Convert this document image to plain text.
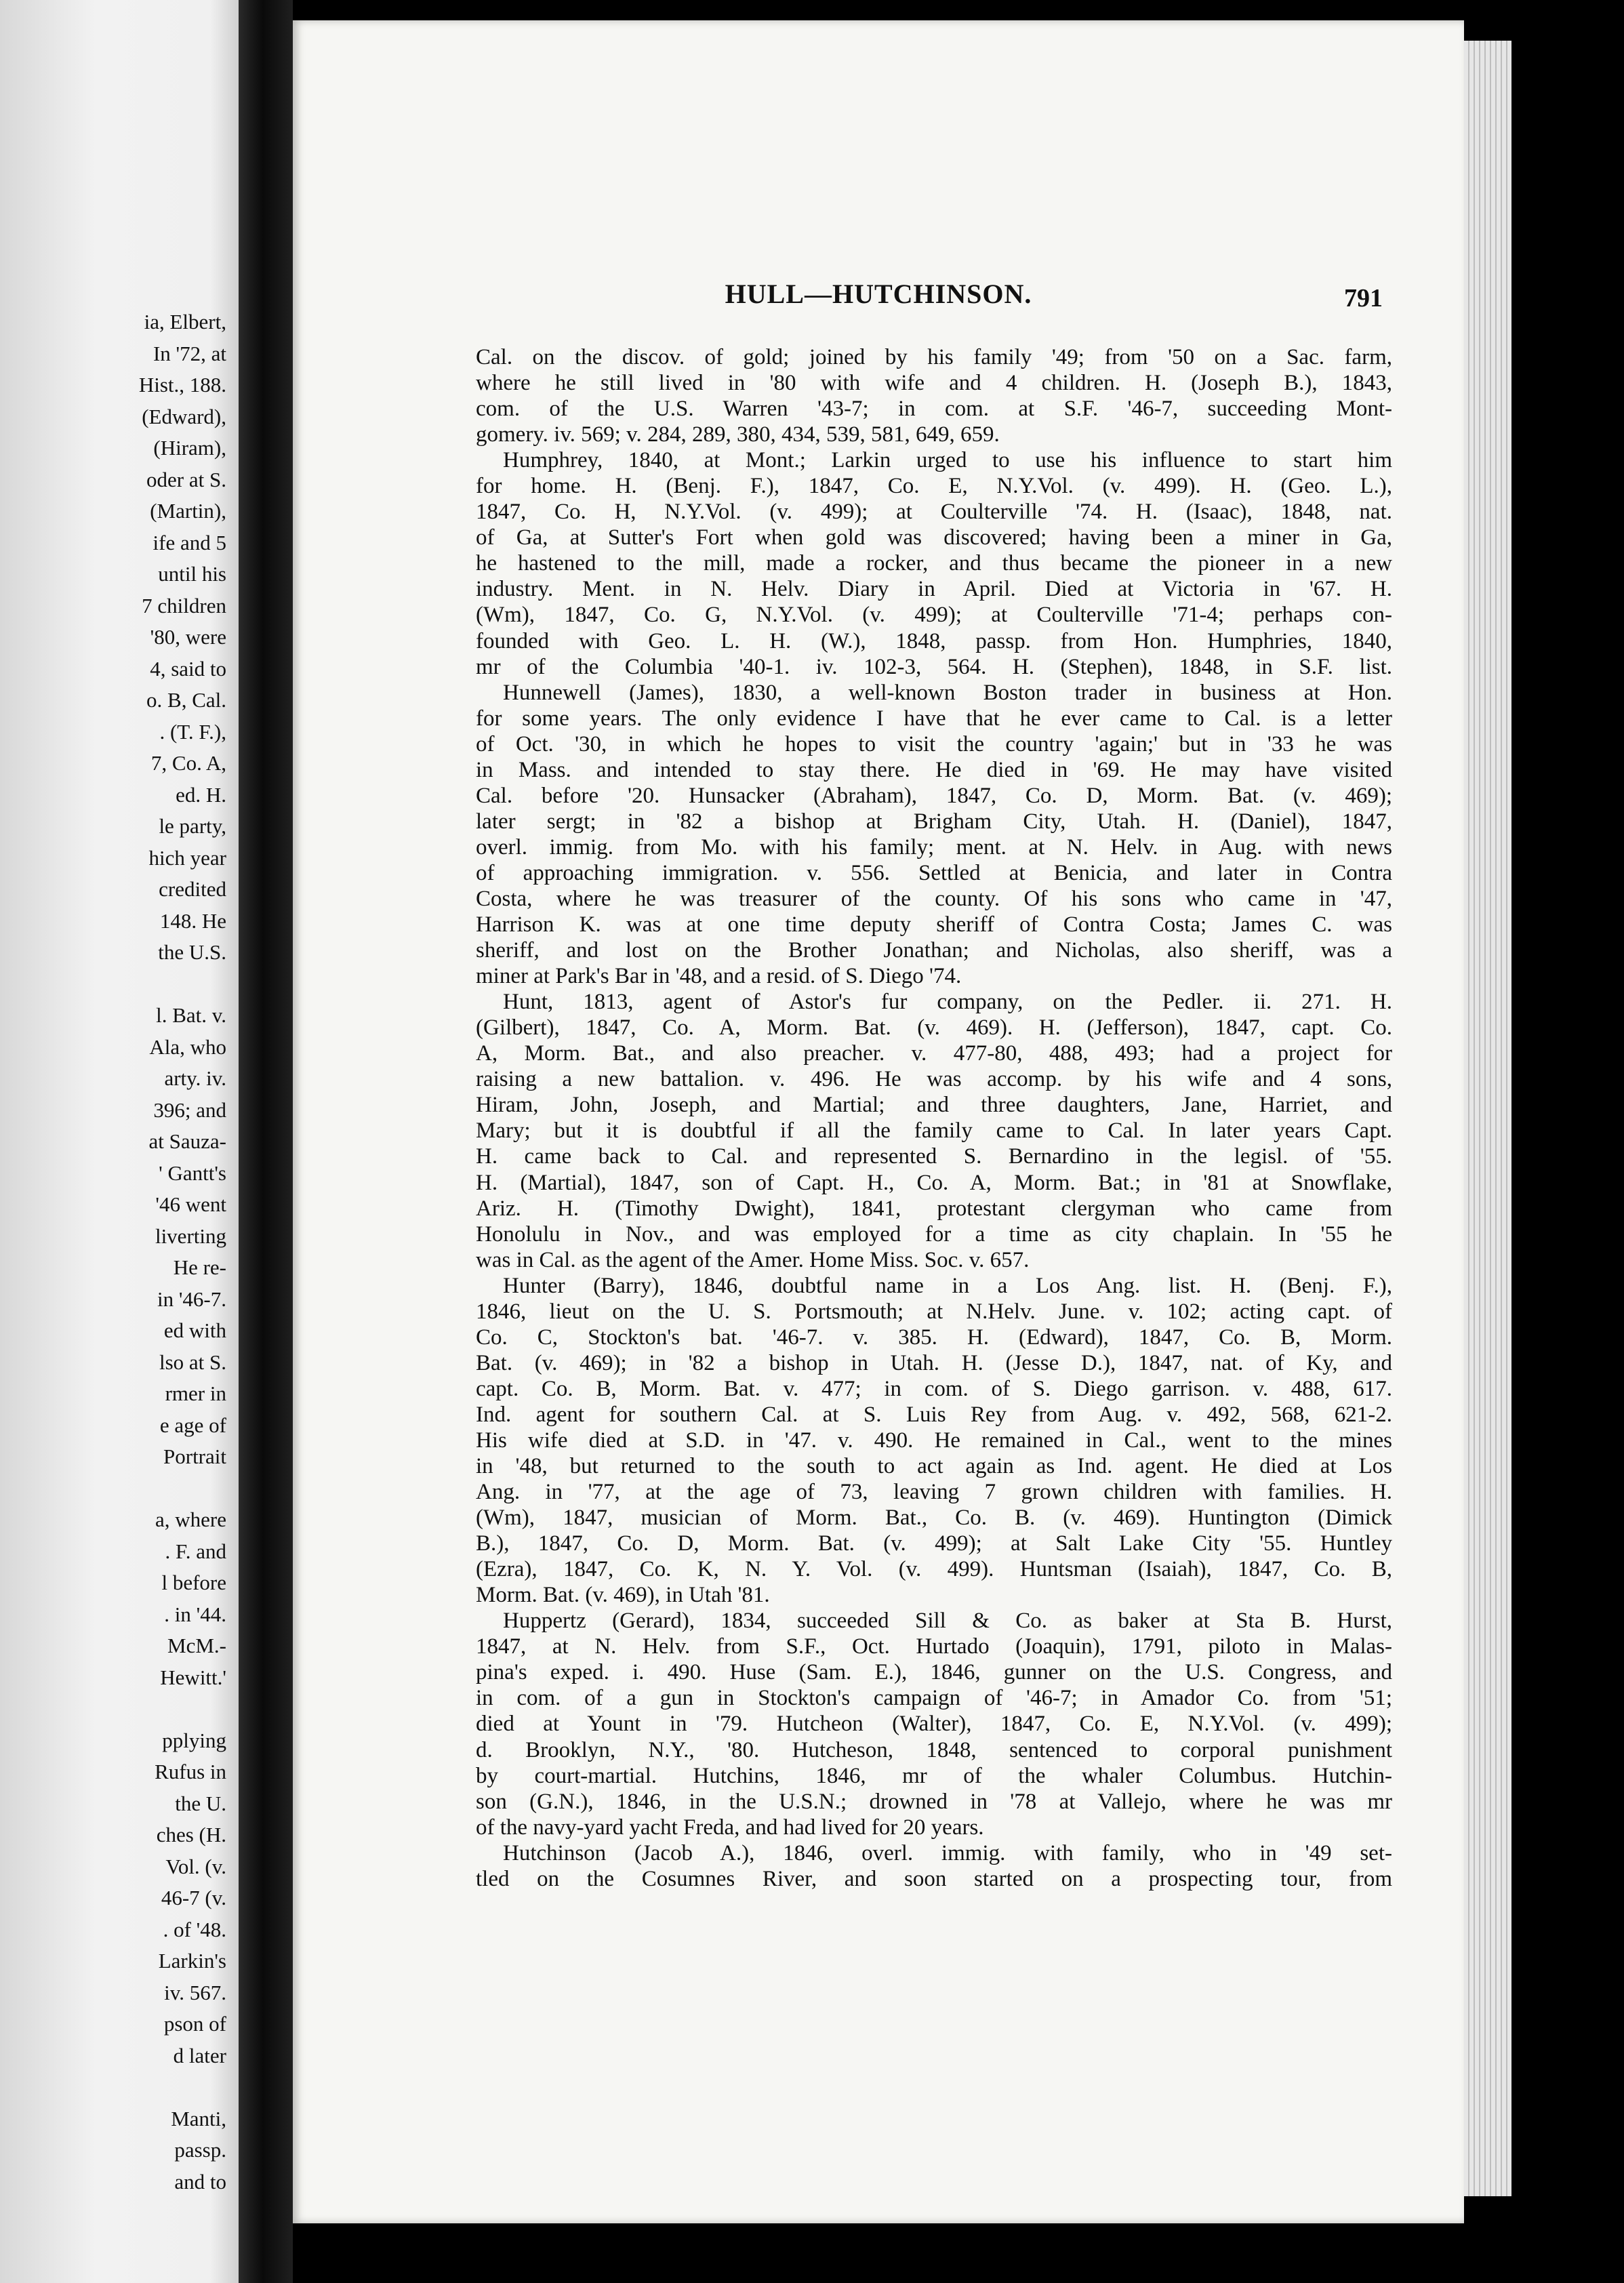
ia, Elbert,
In '72, at
Hist., 188.
(Edward),
(Hiram),
oder at S.
(Martin),
ife and 5
until his
7 children
'80, were
4, said to
o. B, Cal.
. (T. F.),
7, Co. A,
ed. H.
le party,
hich year
credited
148. He
the U.S.
l. Bat. v.
Ala, who
arty. iv.
396; and
at Sauza-
' Gantt's
'46 went
liverting
He re-
in '46-7.
ed with
lso at S.
rmer in
e age of
Portrait
a, where
. F. and
l before
. in '44.
McM.-
Hewitt.'
pplying
Rufus in
the U.
ches (H.
Vol. (v.
46-7 (v.
. of '48.
Larkin's
iv. 567.
pson of
d later
Manti,
passp.
and to
HULL—HUTCHINSON.	791
Cal. on the discov. of gold; joined by his family '49; from '50 on a Sac. farm,
where he still lived in '80 with wife and 4 children. H. (Joseph B.), 1843,
com. of the U.S. Warren '43-7; in com. at S.F. '46-7, succeeding Mont-
gomery. iv. 569; v. 284, 289, 380, 434, 539, 581, 649, 659.
Humphrey, 1840, at Mont.; Larkin urged to use his influence to start him
for home. H. (Benj. F.), 1847, Co. E, N.Y.Vol. (v. 499). H. (Geo. L.),
1847, Co. H, N.Y.Vol. (v. 499); at Coulterville '74. H. (Isaac), 1848, nat.
of Ga, at Sutter's Fort when gold was discovered; having been a miner in Ga,
he hastened to the mill, made a rocker, and thus became the pioneer in a new
industry. Ment. in N. Helv. Diary in April. Died at Victoria in '67. H.
(Wm), 1847, Co. G, N.Y.Vol. (v. 499); at Coulterville '71-4; perhaps con-
founded with Geo. L. H. (W.), 1848, passp. from Hon. Humphries, 1840,
mr of the Columbia '40-1. iv. 102-3, 564. H. (Stephen), 1848, in S.F. list.
Hunnewell (James), 1830, a well-known Boston trader in business at Hon.
for some years. The only evidence I have that he ever came to Cal. is a letter
of Oct. '30, in which he hopes to visit the country 'again;' but in '33 he was
in Mass. and intended to stay there. He died in '69. He may have visited
Cal. before '20. Hunsacker (Abraham), 1847, Co. D, Morm. Bat. (v. 469);
later sergt; in '82 a bishop at Brigham City, Utah. H. (Daniel), 1847,
overl. immig. from Mo. with his family; ment. at N. Helv. in Aug. with news
of approaching immigration. v. 556. Settled at Benicia, and later in Contra
Costa, where he was treasurer of the county. Of his sons who came in '47,
Harrison K. was at one time deputy sheriff of Contra Costa; James C. was
sheriff, and lost on the Brother Jonathan; and Nicholas, also sheriff, was a
miner at Park's Bar in '48, and a resid. of S. Diego '74.
Hunt, 1813, agent of Astor's fur company, on the Pedler. ii. 271. H.
(Gilbert), 1847, Co. A, Morm. Bat. (v. 469). H. (Jefferson), 1847, capt. Co.
A, Morm. Bat., and also preacher. v. 477-80, 488, 493; had a project for
raising a new battalion. v. 496. He was accomp. by his wife and 4 sons,
Hiram, John, Joseph, and Martial; and three daughters, Jane, Harriet, and
Mary; but it is doubtful if all the family came to Cal. In later years Capt.
H. came back to Cal. and represented S. Bernardino in the legisl. of '55.
H. (Martial), 1847, son of Capt. H., Co. A, Morm. Bat.; in '81 at Snowflake,
Ariz. H. (Timothy Dwight), 1841, protestant clergyman who came from
Honolulu in Nov., and was employed for a time as city chaplain. In '55 he
was in Cal. as the agent of the Amer. Home Miss. Soc. v. 657.
Hunter (Barry), 1846, doubtful name in a Los Ang. list. H. (Benj. F.),
1846, lieut on the U. S. Portsmouth; at N.Helv. June. v. 102; acting capt. of
Co. C, Stockton's bat. '46-7. v. 385. H. (Edward), 1847, Co. B, Morm.
Bat. (v. 469); in '82 a bishop in Utah. H. (Jesse D.), 1847, nat. of Ky, and
capt. Co. B, Morm. Bat. v. 477; in com. of S. Diego garrison. v. 488, 617.
Ind. agent for southern Cal. at S. Luis Rey from Aug. v. 492, 568, 621-2.
His wife died at S.D. in '47. v. 490. He remained in Cal., went to the mines
in '48, but returned to the south to act again as Ind. agent. He died at Los
Ang. in '77, at the age of 73, leaving 7 grown children with families. H.
(Wm), 1847, musician of Morm. Bat., Co. B. (v. 469). Huntington (Dimick
B.), 1847, Co. D, Morm. Bat. (v. 499); at Salt Lake City '55. Huntley
(Ezra), 1847, Co. K, N. Y. Vol. (v. 499). Huntsman (Isaiah), 1847, Co. B,
Morm. Bat. (v. 469), in Utah '81.
Huppertz (Gerard), 1834, succeeded Sill & Co. as baker at Sta B. Hurst,
1847, at N. Helv. from S.F., Oct. Hurtado (Joaquin), 1791, piloto in Malas-
pina's exped. i. 490. Huse (Sam. E.), 1846, gunner on the U.S. Congress, and
in com. of a gun in Stockton's campaign of '46-7; in Amador Co. from '51;
died at Yount in '79. Hutcheon (Walter), 1847, Co. E, N.Y.Vol. (v. 499);
d. Brooklyn, N.Y., '80. Hutcheson, 1848, sentenced to corporal punishment
by court-martial. Hutchins, 1846, mr of the whaler Columbus. Hutchin-
son (G.N.), 1846, in the U.S.N.; drowned in '78 at Vallejo, where he was mr
of the navy-yard yacht Freda, and had lived for 20 years.
Hutchinson (Jacob A.), 1846, overl. immig. with family, who in '49 set-
tled on the Cosumnes River, and soon started on a prospecting tour, from
